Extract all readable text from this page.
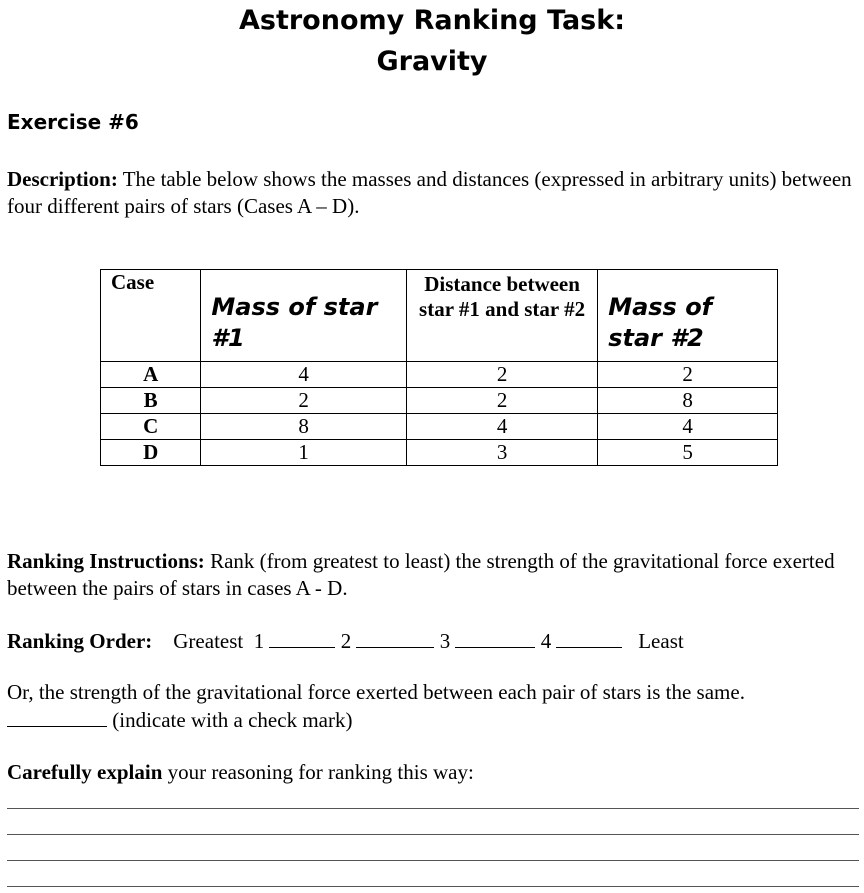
Astronomy Ranking Task:
Gravity
Exercise #6
Description: The table below shows the masses and distances (expressed in arbitrary units) between four different pairs of stars (Cases A – D).
Case	Mass of star #1	Distance between star #1 and star #2	Mass of star #2
A	4	2	2
B	2	2	8
C	8	4	4
D	1	3	5
Ranking Instructions: Rank (from greatest to least) the strength of the gravitational force exerted between the pairs of stars in cases A - D.
Ranking Order: Greatest 1	2	3	4	Least
Or, the strength of the gravitational force exerted between each pair of stars is the same.
(indicate with a check mark)
Carefully explain your reasoning for ranking this way:
